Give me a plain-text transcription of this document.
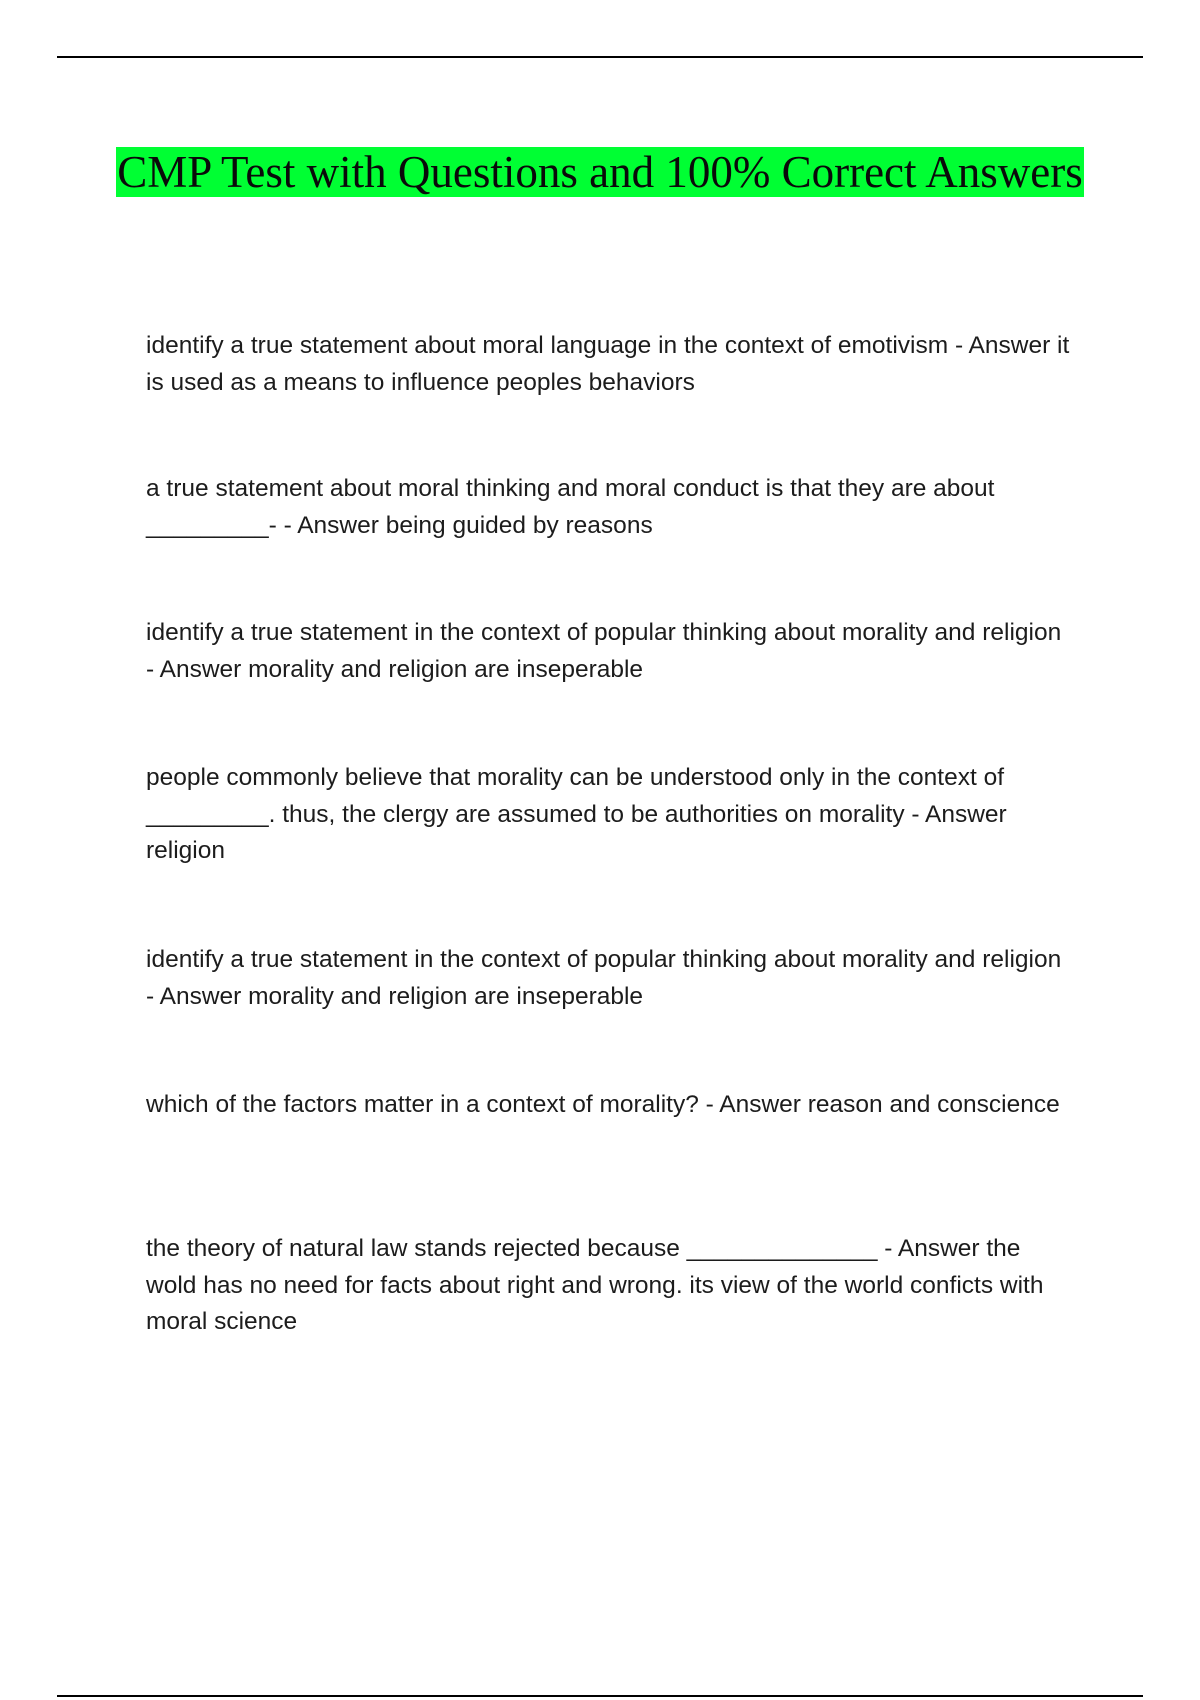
CMP Test with Questions and 100% Correct Answers

identify a true statement about moral language in the context of emotivism - Answer it is used as a means to influence peoples behaviors

a true statement about moral thinking and moral conduct is that they are about _________- - Answer being guided by reasons

identify a true statement in the context of popular thinking about morality and religion - Answer morality and religion are inseperable

people commonly believe that morality can be understood only in the context of _________. thus, the clergy are assumed to be authorities on morality - Answer religion

identify a true statement in the context of popular thinking about morality and religion - Answer morality and religion are inseperable

which of the factors matter in a context of morality? - Answer reason and conscience

the theory of natural law stands rejected because ______________ - Answer the wold has no need for facts about right and wrong. its view of the world conficts with moral science
